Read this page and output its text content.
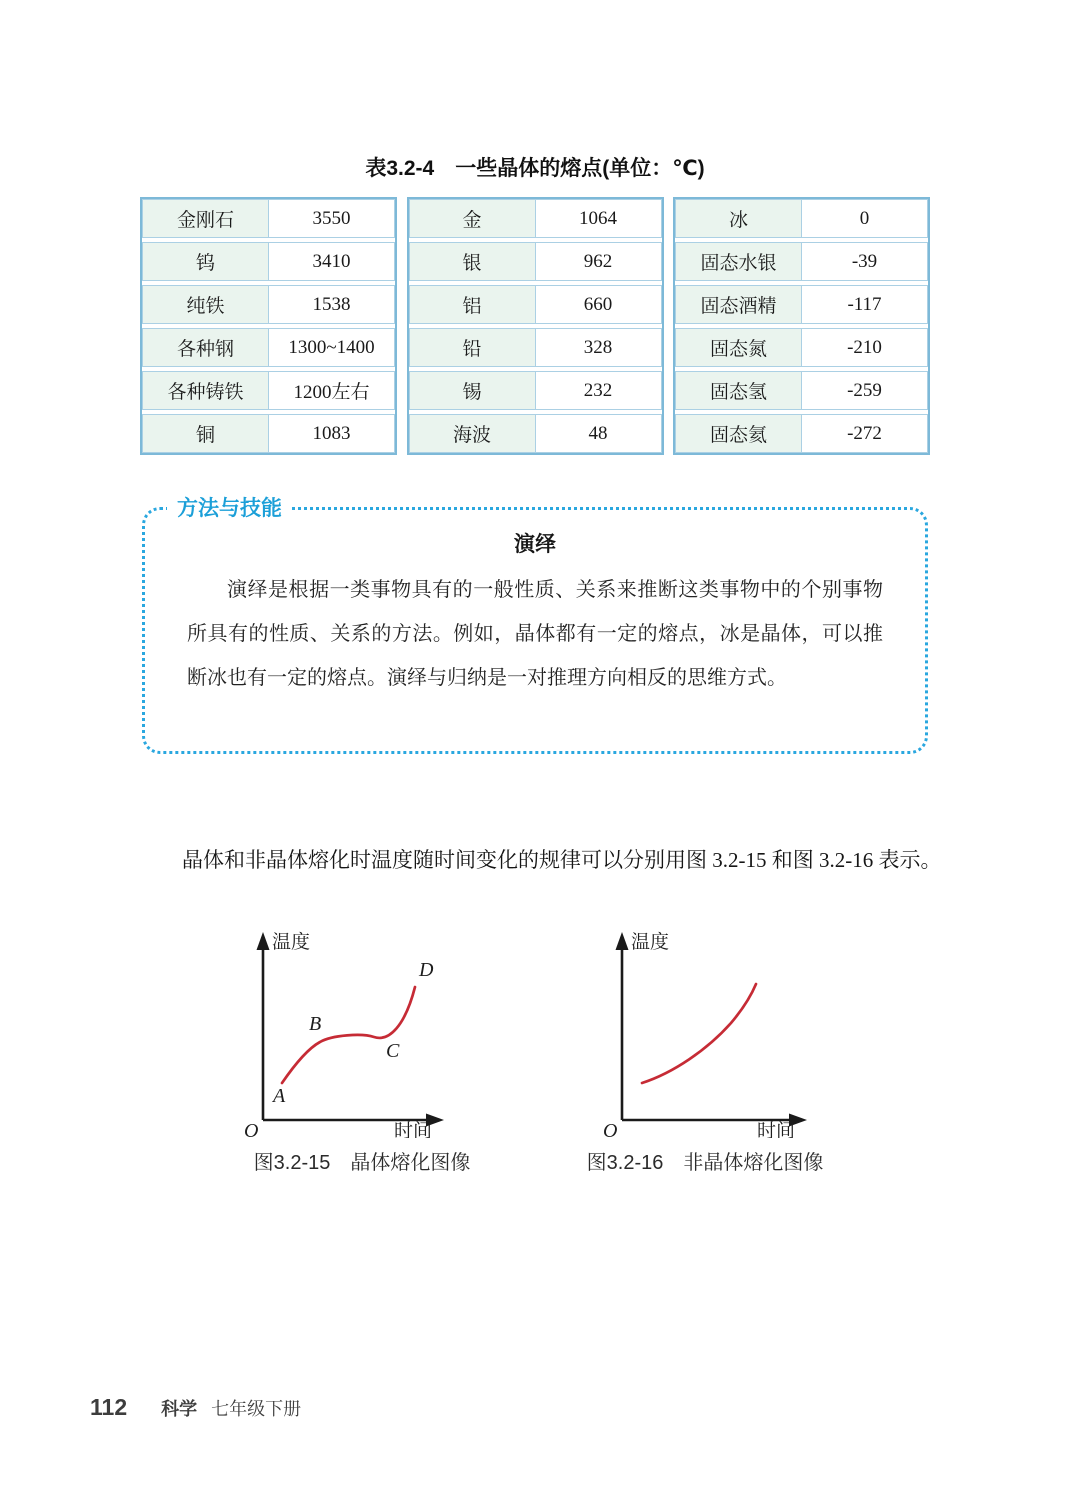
表3.2-4　一些晶体的熔点(单位：℃)
金刚石	3550
钨	3410
纯铁	1538
各种钢	1300~1400
各种铸铁	1200左右
铜	1083
金	1064
银	962
铝	660
铅	328
锡	232
海波	48
冰	0
固态水银	-39
固态酒精	-117
固态氮	-210
固态氢	-259
固态氦	-272
方法与技能
演绎

演绎是根据一类事物具有的一般性质、关系来推断这类事物中的个别事物所具有的性质、关系的方法。例如，晶体都有一定的熔点，冰是晶体，可以推断冰也有一定的熔点。演绎与归纳是一对推理方向相反的思维方式。

晶体和非晶体熔化时温度随时间变化的规律可以分别用图 3.2-15 和图 3.2-16 表示。

温度
时间
O
A
B
C
D
图3.2-15　晶体熔化图像
温度
时间
O
图3.2-16　非晶体熔化图像
112 科学 七年级下册
